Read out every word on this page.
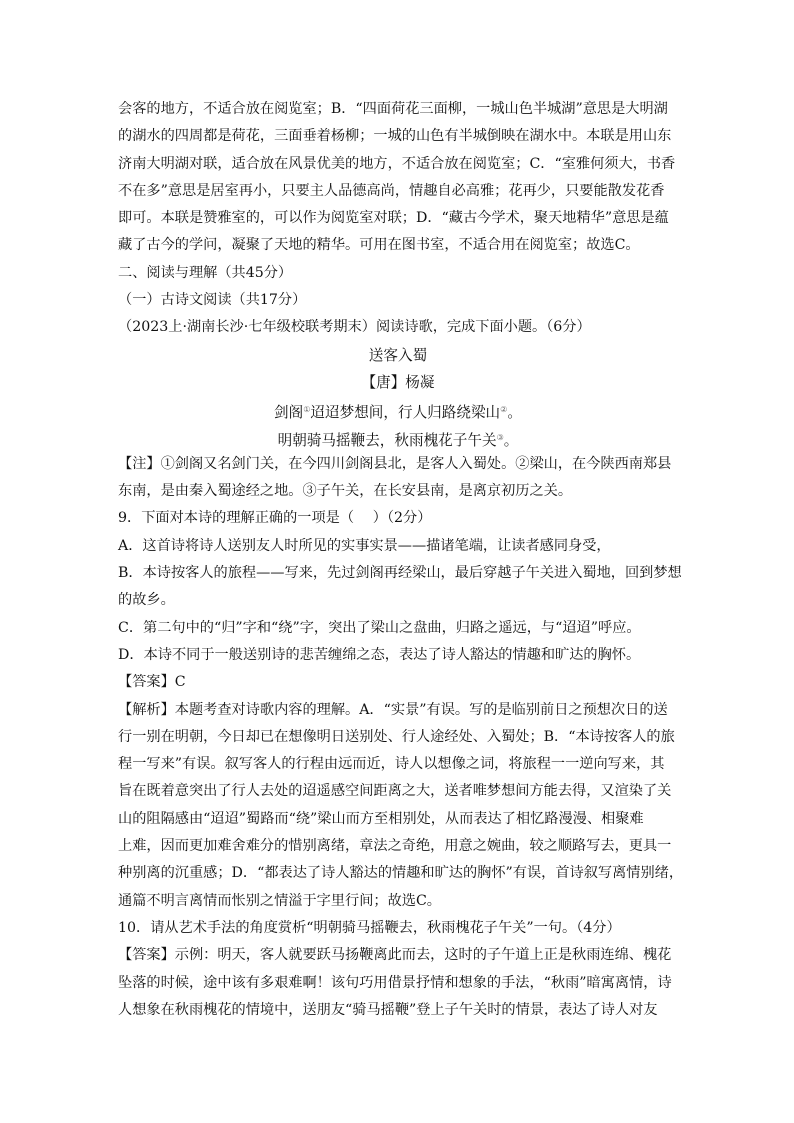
会客的地方，不适合放在阅览室；B．“四面荷花三面柳，一城山色半城湖”意思是大明湖
的湖水的四周都是荷花，三面垂着杨柳；一城的山色有半城倒映在湖水中。本联是用山东
济南大明湖对联，适合放在风景优美的地方，不适合放在阅览室；C．“室雅何须大，书香
不在多”意思是居室再小，只要主人品德高尚，情趣自必高雅；花再少，只要能散发花香
即可。本联是赞雅室的，可以作为阅览室对联；D．“藏古今学术，聚天地精华”意思是蕴
藏了古今的学问，凝聚了天地的精华。可用在图书室，不适合用在阅览室；故选C。
二、阅读与理解（共45分）
（一）古诗文阅读（共17分）
（2023上·湖南长沙·七年级校联考期末）阅读诗歌，完成下面小题。（6分）
送客入蜀
【唐】杨凝
剑阁①迢迢梦想间，行人归路绕梁山②。
明朝骑马摇鞭去，秋雨槐花子午关③。
【注】①剑阁又名剑门关，在今四川剑阁县北，是客人入蜀处。②梁山，在今陕西南郑县
东南，是由秦入蜀途经之地。③子午关，在长安县南，是离京初历之关。
9．下面对本诗的理解正确的一项是（　 ）（2分）
A．这首诗将诗人送别友人时所见的实事实景——描诸笔端，让读者感同身受，
B．本诗按客人的旅程——写来，先过剑阁再经梁山，最后穿越子午关进入蜀地，回到梦想
的故乡。
C．第二句中的“归”字和“绕”字，突出了梁山之盘曲，归路之遥远，与“迢迢”呼应。
D．本诗不同于一般送别诗的悲苦缠绵之态，表达了诗人豁达的情趣和旷达的胸怀。
【答案】C
【解析】本题考查对诗歌内容的理解。A．“实景”有误。写的是临别前日之预想次日的送
行一别在明朝，今日却已在想像明日送别处、行人途经处、入蜀处；B．“本诗按客人的旅
程一写来”有误。叙写客人的行程由远而近，诗人以想像之词，将旅程一一逆向写来，其
旨在既着意突出了行人去处的迢遥感空间距离之大，送者唯梦想间方能去得，又渲染了关
山的阻隔感由“迢迢”蜀路而“绕”梁山而方至相别处，从而表达了相忆路漫漫、相聚难
上难，因而更加难舍难分的惜别离绪，章法之奇绝，用意之婉曲，较之顺路写去，更具一
种别离的沉重感；D．“都表达了诗人豁达的情趣和旷达的胸怀”有误，首诗叙写离情别绪，
通篇不明言离情而怅别之情溢于字里行间；故选C。
10．请从艺术手法的角度赏析“明朝骑马摇鞭去，秋雨槐花子午关”一句。（4分）
【答案】示例：明天，客人就要跃马扬鞭离此而去，这时的子午道上正是秋雨连绵、槐花
坠落的时候，途中该有多艰难啊！该句巧用借景抒情和想象的手法，“秋雨”暗寓离情，诗
人想象在秋雨槐花的情境中，送朋友“骑马摇鞭”登上子午关时的情景，表达了诗人对友
